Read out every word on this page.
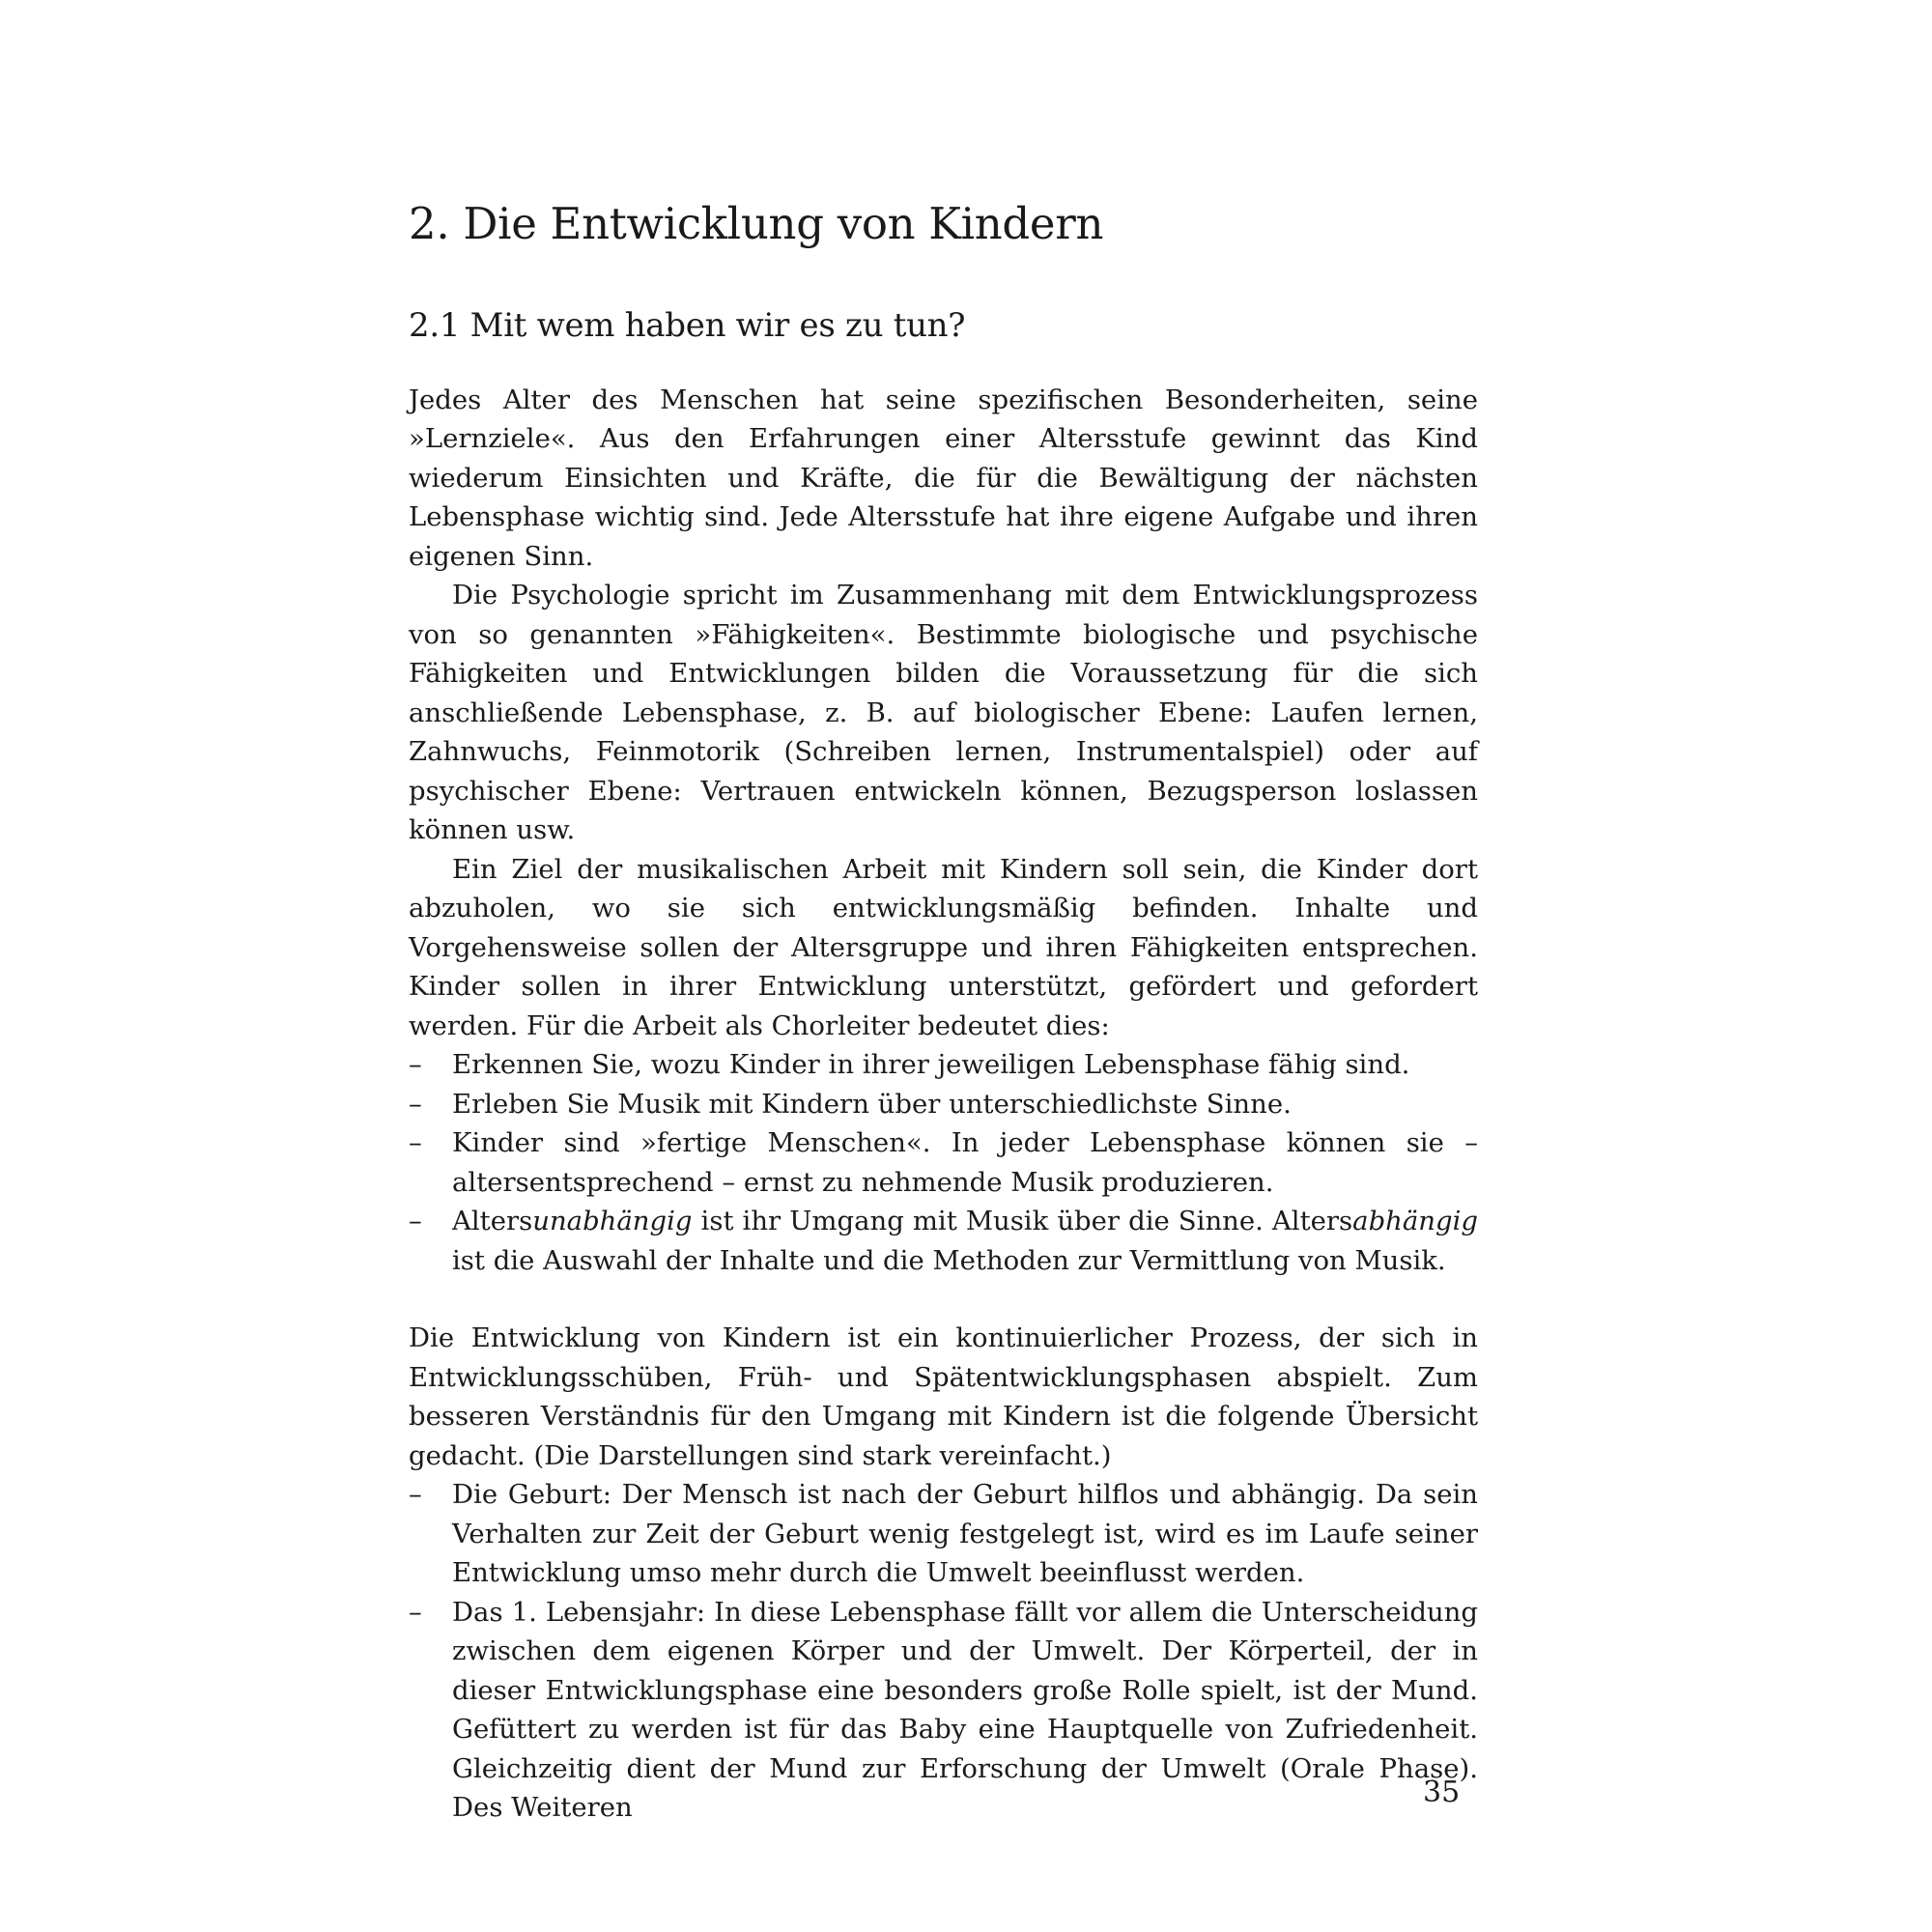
2. Die Entwicklung von Kindern
2.1 Mit wem haben wir es zu tun?

Jedes Alter des Menschen hat seine spezifischen Besonderheiten, seine »Lernziele«. Aus den Erfahrungen einer Altersstufe gewinnt das Kind wiederum Einsichten und Kräfte, die für die Bewältigung der nächsten Lebensphase wichtig sind. Jede Altersstufe hat ihre eigene Aufgabe und ihren eigenen Sinn.

Die Psychologie spricht im Zusammenhang mit dem Entwicklungsprozess von so genannten »Fähigkeiten«. Bestimmte biologische und psychische Fähigkeiten und Entwicklungen bilden die Voraussetzung für die sich anschließende Lebensphase, z. B. auf biologischer Ebene: Laufen lernen, Zahnwuchs, Feinmotorik (Schreiben lernen, Instrumentalspiel) oder auf psychischer Ebene: Vertrauen entwickeln können, Bezugsperson loslassen können usw.

Ein Ziel der musikalischen Arbeit mit Kindern soll sein, die Kinder dort abzuholen, wo sie sich entwicklungsmäßig befinden. Inhalte und Vorgehensweise sollen der Altersgruppe und ihren Fähigkeiten entsprechen. Kinder sollen in ihrer Entwicklung unterstützt, gefördert und gefordert werden. Für die Arbeit als Chorleiter bedeutet dies:

– Erkennen Sie, wozu Kinder in ihrer jeweiligen Lebensphase fähig sind.
– Erleben Sie Musik mit Kindern über unterschiedlichste Sinne.
– Kinder sind »fertige Menschen«. In jeder Lebensphase können sie – altersentsprechend – ernst zu nehmende Musik produzieren.
– Altersunabhängig ist ihr Umgang mit Musik über die Sinne. Altersabhängig ist die Auswahl der Inhalte und die Methoden zur Vermittlung von Musik.

Die Entwicklung von Kindern ist ein kontinuierlicher Prozess, der sich in Entwicklungsschüben, Früh- und Spätentwicklungsphasen abspielt. Zum besseren Verständnis für den Umgang mit Kindern ist die folgende Übersicht gedacht. (Die Darstellungen sind stark vereinfacht.)

– Die Geburt: Der Mensch ist nach der Geburt hilflos und abhängig. Da sein Verhalten zur Zeit der Geburt wenig festgelegt ist, wird es im Laufe seiner Entwicklung umso mehr durch die Umwelt beeinflusst werden.
– Das 1. Lebensjahr: In diese Lebensphase fällt vor allem die Unterscheidung zwischen dem eigenen Körper und der Umwelt. Der Körperteil, der in dieser Entwicklungsphase eine besonders große Rolle spielt, ist der Mund. Gefüttert zu werden ist für das Baby eine Hauptquelle von Zufriedenheit. Gleichzeitig dient der Mund zur Erforschung der Umwelt (Orale Phase). Des Weiteren	35
